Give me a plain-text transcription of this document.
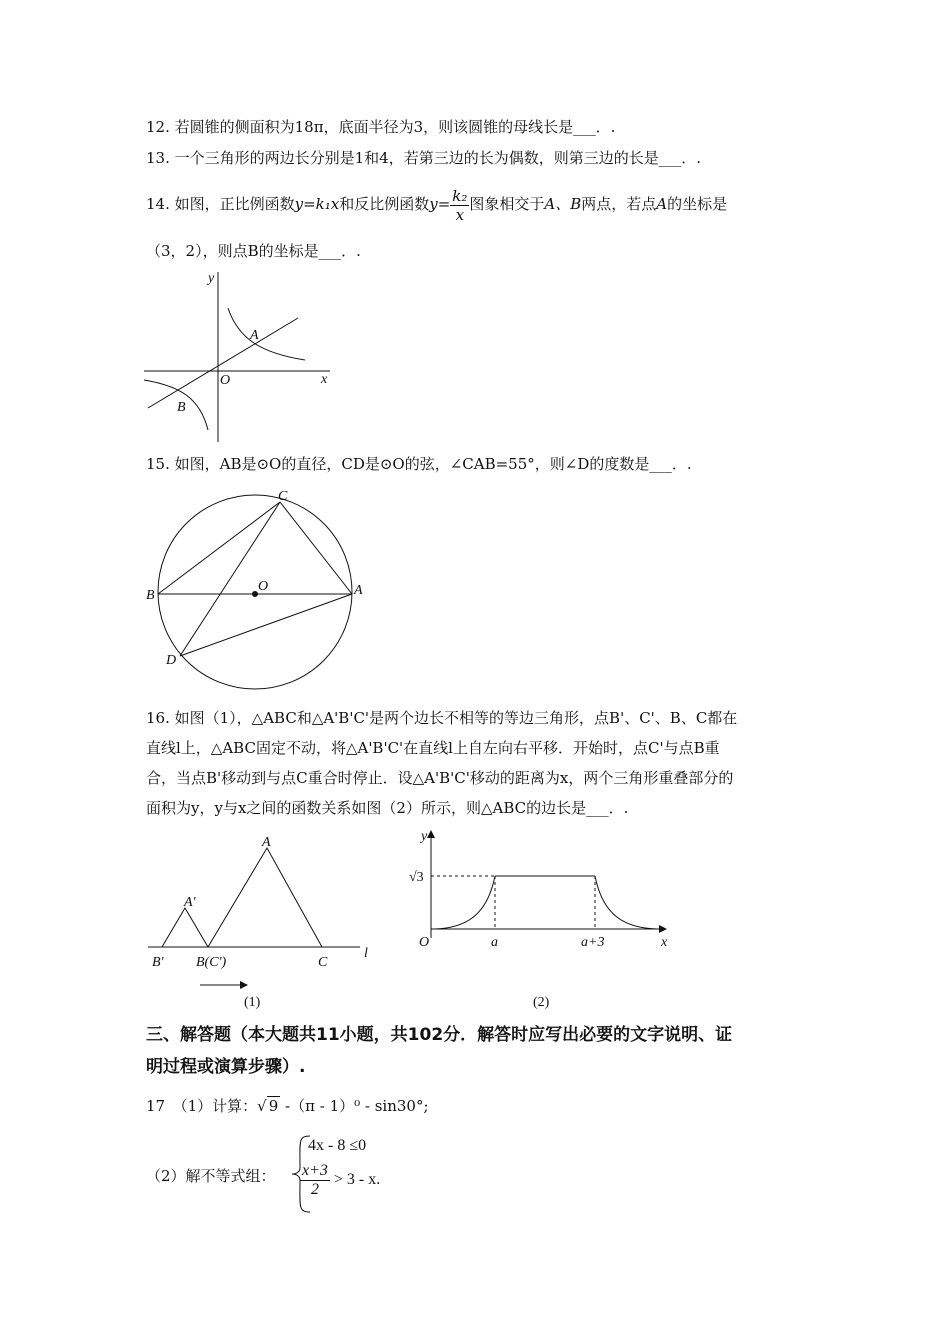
12. 若圆锥的侧面积为18π，底面半径为3，则该圆锥的母线长是___．.
13. 一个三角形的两边长分别是1和4，若第三边的长为偶数，则第三边的长是___．.
14. 如图，正比例函数y=k₁x和反比例函数$y= \frac{\text{k₂}}{x}$ 图象相交于A、B两点，若点A的坐标是
（3，2），则点B的坐标是___．.
y
x
O
A
B
15. 如图，AB是⊙O的直径，CD是⊙O的弦，∠CAB=55°，则∠D的度数是___．.
C
B
O	A
D
16. 如图（1），△ABC和△A'B'C'是两个边长不相等的等边三角形，点B'、C'、B、C都在
直线l上，△ABC固定不动，将△A'B'C'在直线l上自左向右平移．开始时，点C'与点B重
合，当点B'移动到与点C重合时停止．设△A'B'C'移动的距离为x，两个三角形重叠部分的
面积为y，y与x之间的函数关系如图（2）所示，则△ABC的边长是___．.
A
A'
B' B(C')	C
l
(1)
y
√3
O	a	a+3	x
(2)
三、解答题（本大题共11小题，共102分．解答时应写出必要的文字说明、证
明过程或演算步骤）.
17　（1）计算：√ 9 -（π - 1）⁰ - sin30°;
（2）解不等式组：
4x - 8 ≤0
$\frac{x+3}{2} > 3 - x$.
